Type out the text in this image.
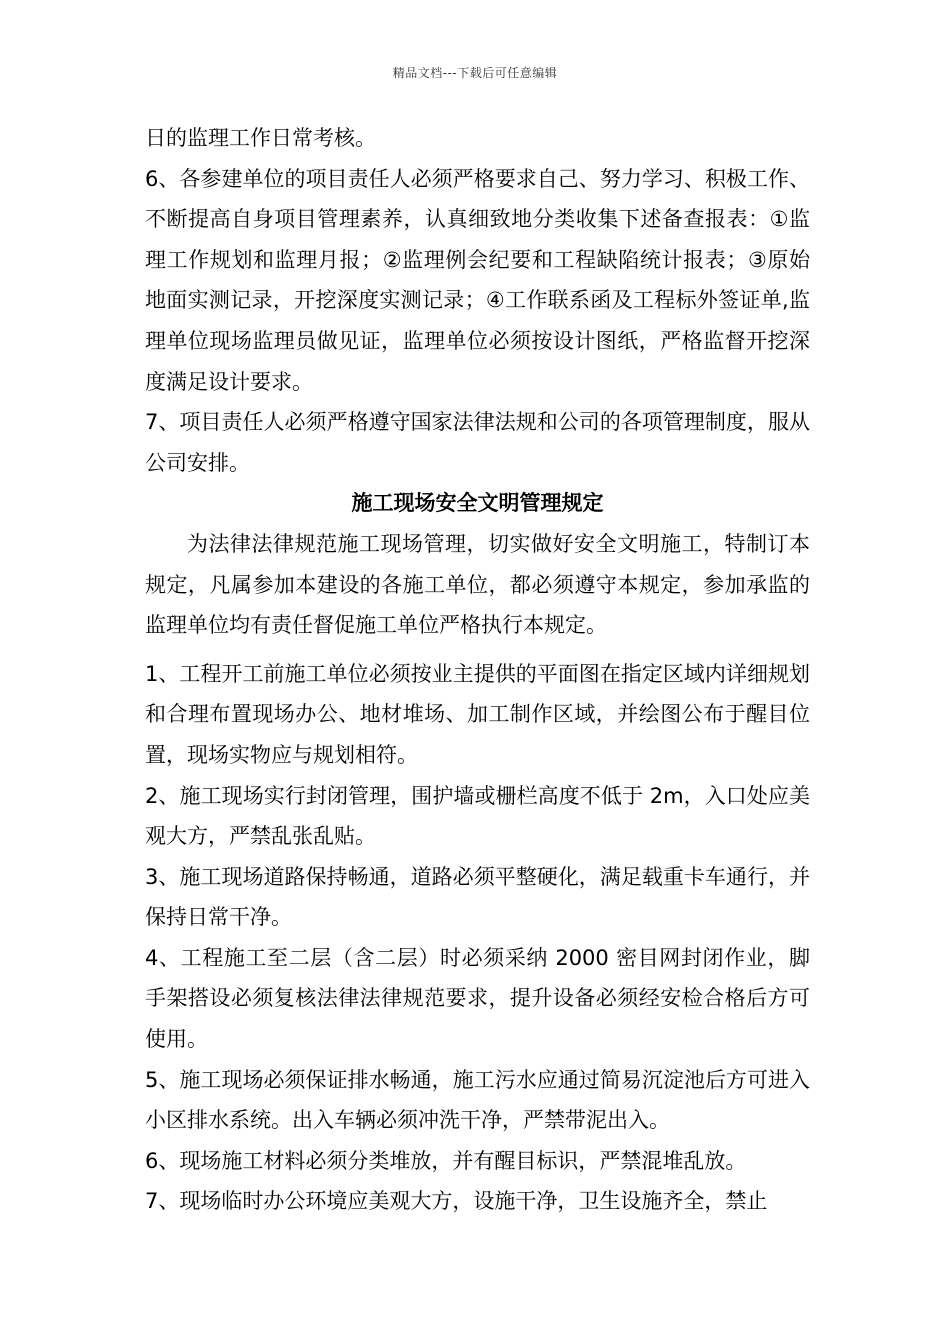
精品文档---下载后可任意编辑

日的监理工作日常考核。

6、各参建单位的项目责任人必须严格要求自己、努力学习、积极工作、不断提高自身项目管理素养，认真细致地分类收集下述备查报表：①监理工作规划和监理月报；②监理例会纪要和工程缺陷统计报表；③原始地面实测记录，开挖深度实测记录；④工作联系函及工程标外签证单,监理单位现场监理员做见证，监理单位必须按设计图纸，严格监督开挖深度满足设计要求。

7、项目责任人必须严格遵守国家法律法规和公司的各项管理制度，服从公司安排。

施工现场安全文明管理规定

为法律法律规范施工现场管理，切实做好安全文明施工，特制订本规定，凡属参加本建设的各施工单位，都必须遵守本规定，参加承监的监理单位均有责任督促施工单位严格执行本规定。

1、工程开工前施工单位必须按业主提供的平面图在指定区域内详细规划和合理布置现场办公、地材堆场、加工制作区域，并绘图公布于醒目位置，现场实物应与规划相符。

2、施工现场实行封闭管理，围护墙或栅栏高度不低于 2m，入口处应美观大方，严禁乱张乱贴。

3、施工现场道路保持畅通，道路必须平整硬化，满足载重卡车通行，并保持日常干净。

4、工程施工至二层（含二层）时必须采纳 2000 密目网封闭作业，脚手架搭设必须复核法律法律规范要求，提升设备必须经安检合格后方可使用。

5、施工现场必须保证排水畅通，施工污水应通过简易沉淀池后方可进入小区排水系统。出入车辆必须冲洗干净，严禁带泥出入。

6、现场施工材料必须分类堆放，并有醒目标识，严禁混堆乱放。

7、现场临时办公环境应美观大方，设施干净，卫生设施齐全，禁止
